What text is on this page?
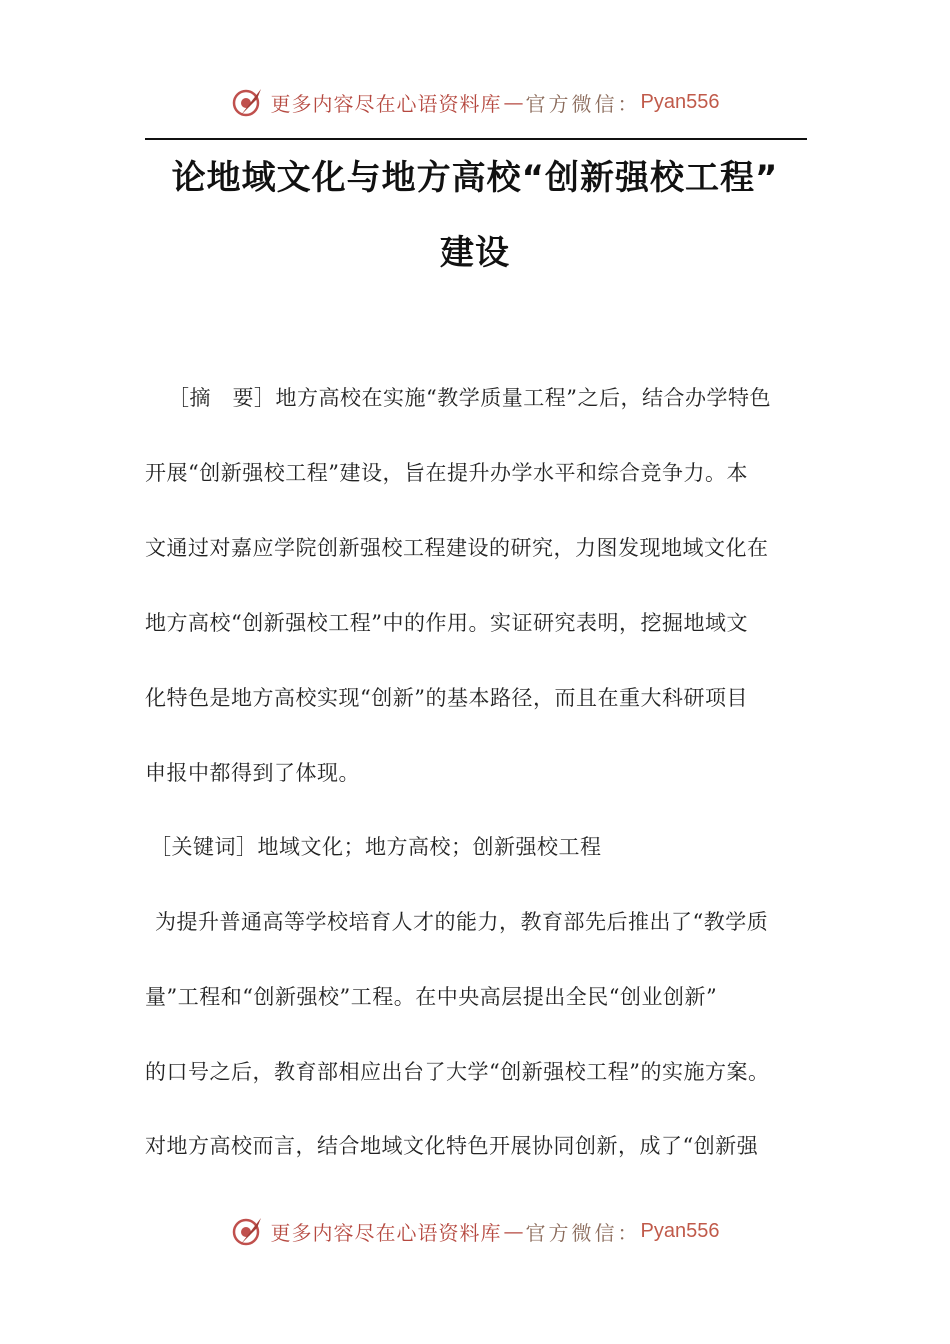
更多内容尽在心语资料库 — 官方微信： Pyan556
论地域文化与地方高校“创新强校工程”
建设
［摘　要］地方高校在实施“教学质量工程”之后，结合办学特色
开展“创新强校工程”建设，旨在提升办学水平和综合竞争力。本
文通过对嘉应学院创新强校工程建设的研究，力图发现地域文化在
地方高校“创新强校工程”中的作用。实证研究表明，挖掘地域文
化特色是地方高校实现“创新”的基本路径，而且在重大科研项目
申报中都得到了体现。
［关键词］地域文化；地方高校；创新强校工程
为提升普通高等学校培育人才的能力，教育部先后推出了“教学质
量”工程和“创新强校”工程。在中央高层提出全民“创业创新”
的口号之后，教育部相应出台了大学“创新强校工程”的实施方案。
对地方高校而言，结合地域文化特色开展协同创新，成了“创新强
更多内容尽在心语资料库 — 官方微信： Pyan556
